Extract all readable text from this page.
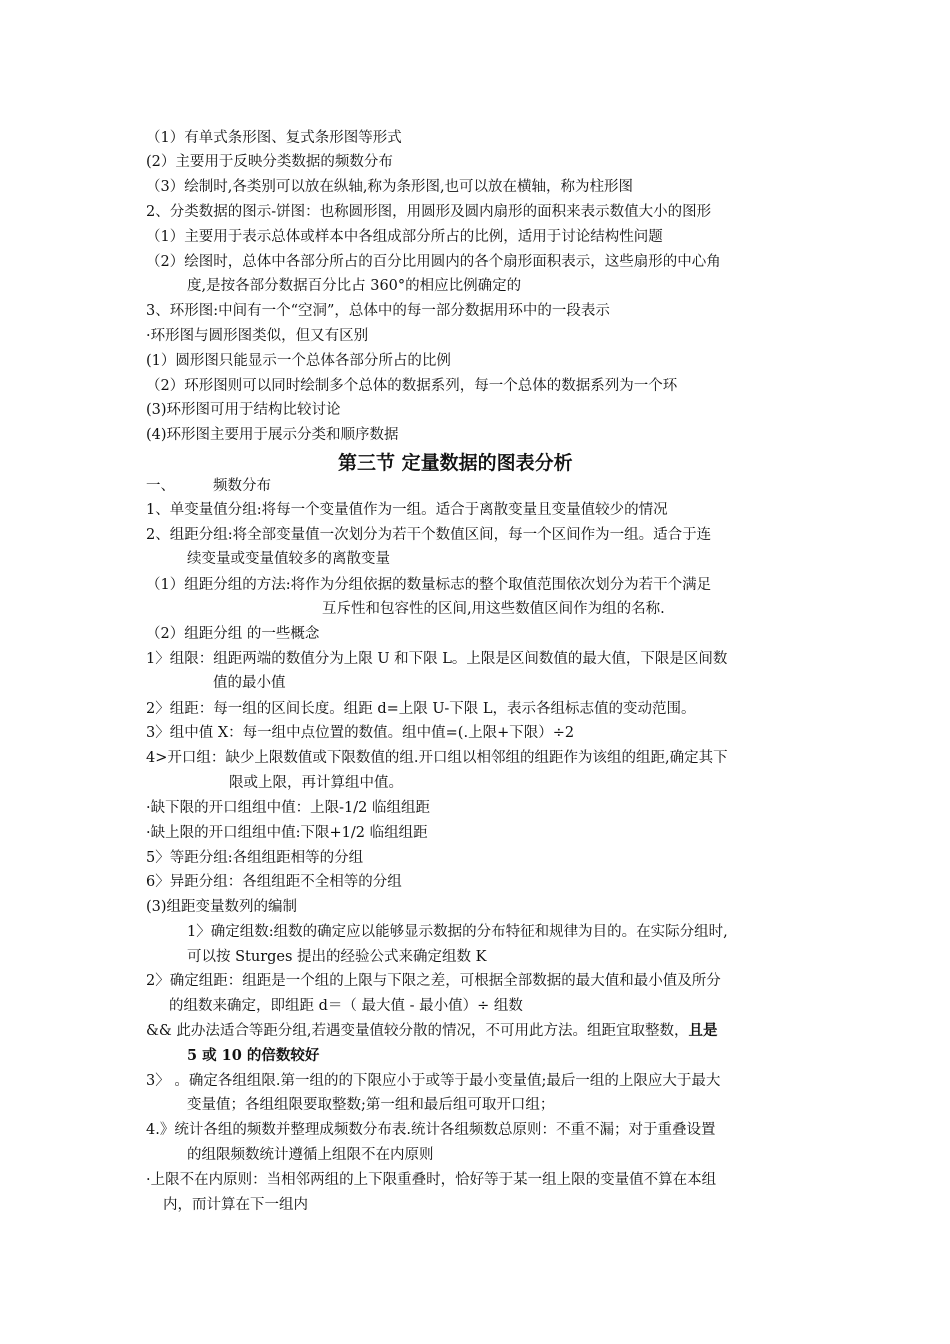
（1）有单式条形图、复式条形图等形式
(2）主要用于反映分类数据的频数分布
（3）绘制时,各类别可以放在纵轴,称为条形图,也可以放在横轴，称为柱形图
2、分类数据的图示-饼图：也称圆形图，用圆形及圆内扇形的面积来表示数值大小的图形
（1）主要用于表示总体或样本中各组成部分所占的比例，适用于讨论结构性问题
（2）绘图时，总体中各部分所占的百分比用圆内的各个扇形面积表示，这些扇形的中心角
度,是按各部分数据百分比占 360°的相应比例确定的
3、环形图:中间有一个“空洞”，总体中的每一部分数据用环中的一段表示
·环形图与圆形图类似，但又有区别
(1）圆形图只能显示一个总体各部分所占的比例
（2）环形图则可以同时绘制多个总体的数据系列，每一个总体的数据系列为一个环
(3)环形图可用于结构比较讨论
(4)环形图主要用于展示分类和顺序数据
第三节 定量数据的图表分析
一、	频数分布
1、单变量值分组:将每一个变量值作为一组。适合于离散变量且变量值较少的情况
2、组距分组:将全部变量值一次划分为若干个数值区间，每一个区间作为一组。适合于连
续变量或变量值较多的离散变量
（1）组距分组的方法:将作为分组依据的数量标志的整个取值范围依次划分为若干个满足
互斥性和包容性的区间,用这些数值区间作为组的名称.
（2）组距分组 的一些概念
1〉组限：组距两端的数值分为上限 U 和下限 L。上限是区间数值的最大值，下限是区间数
值的最小值
2〉组距：每一组的区间长度。组距 d=上限 U-下限 L，表示各组标志值的变动范围。
3〉组中值 X：每一组中点位置的数值。组中值=(.上限+下限）÷2
4>开口组：缺少上限数值或下限数值的组.开口组以相邻组的组距作为该组的组距,确定其下
限或上限，再计算组中值。
·缺下限的开口组组中值：上限-1/2 临组组距
·缺上限的开口组组中值:下限+1/2 临组组距
5〉等距分组:各组组距相等的分组
6〉异距分组：各组组距不全相等的分组
(3)组距变量数列的编制
1〉确定组数:组数的确定应以能够显示数据的分布特征和规律为目的。在实际分组时,
可以按 Sturges 提出的经验公式来确定组数 K
2〉确定组距：组距是一个组的上限与下限之差，可根据全部数据的最大值和最小值及所分
的组数来确定，即组距 d＝（ 最大值 - 最小值）÷ 组数
&& 此办法适合等距分组,若遇变量值较分散的情况，不可用此方法。组距宜取整数，且是
5 或 10 的倍数较好
3〉 。确定各组组限.第一组的的下限应小于或等于最小变量值;最后一组的上限应大于最大
变量值；各组组限要取整数;第一组和最后组可取开口组；
4.》统计各组的频数并整理成频数分布表.统计各组频数总原则：不重不漏；对于重叠设置
的组限频数统计遵循上组限不在内原则
·上限不在内原则：当相邻两组的上下限重叠时，恰好等于某一组上限的变量值不算在本组
内，而计算在下一组内
